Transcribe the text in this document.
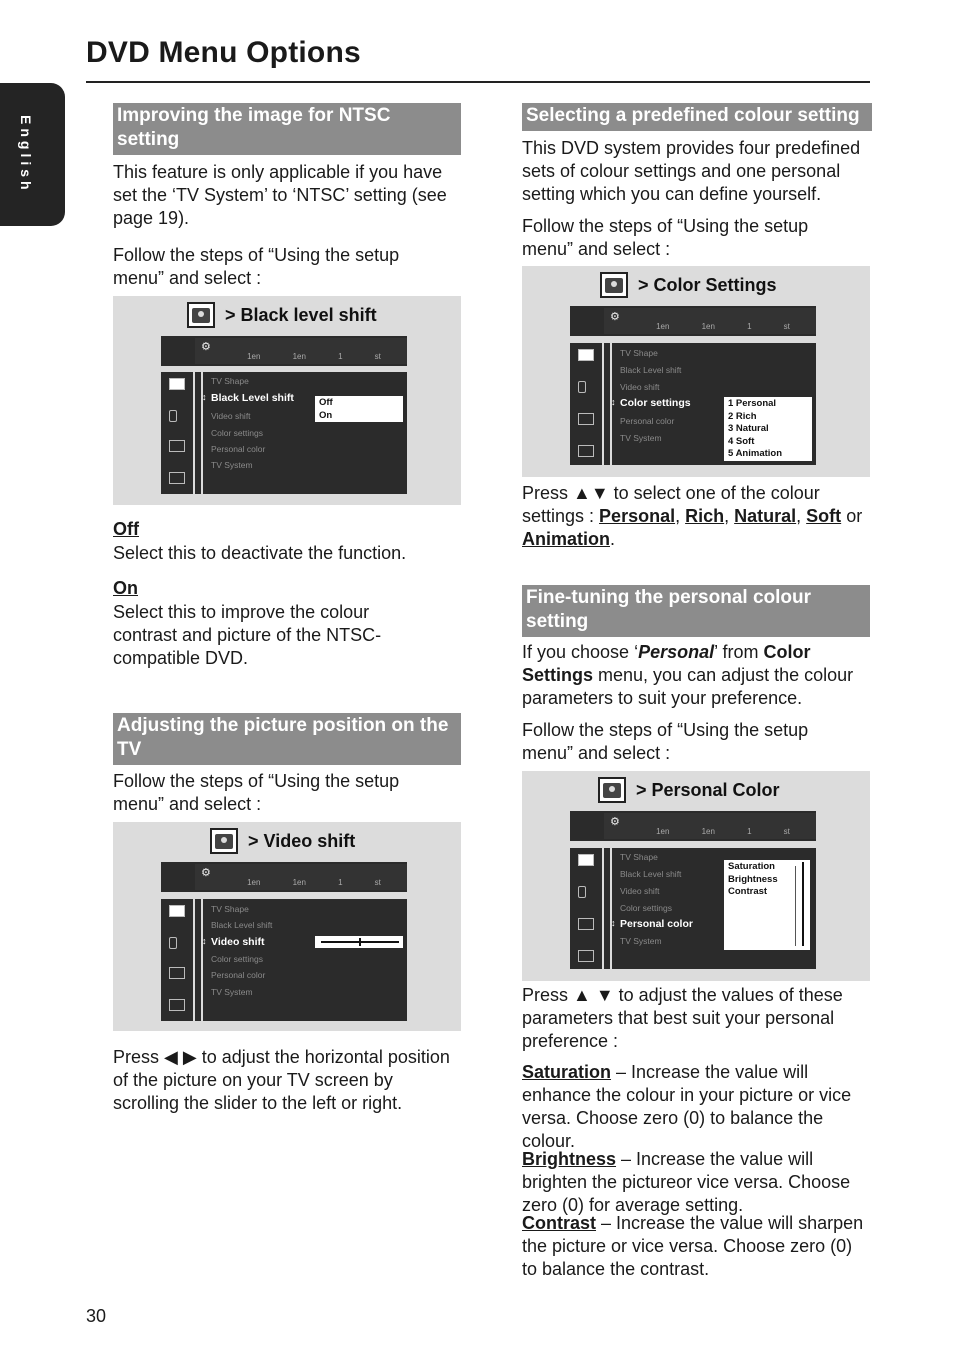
DVD Menu Options
English	Improving the image for NTSC setting
This feature is only applicable if you have set the ‘TV System’ to ‘NTSC’ setting (see page 19).
Follow the steps of “Using the setup menu” and select :
> Black level shift
⚙
1en	1en	1	st
TV Shape
↕ Black Level shift
Video shift
Color settings
Personal color
TV System
Off
On
Off
Select this to deactivate the function.
On
Select this to improve the colour contrast and picture of the NTSC-compatible DVD.
Adjusting the picture position on the TV
Follow the steps of “Using the setup menu” and select :
> Video shift
⚙
1en	1en	1	st
TV Shape
Black Level shift
↕ Video shift
Color settings
Personal color
TV System
Press ◀ ▶ to adjust the horizontal position of the picture on your TV screen by scrolling the slider to the left or right.
Selecting a predefined colour setting
This DVD system provides four predefined sets of colour settings and one personal setting which you can define yourself.
Follow the steps of “Using the setup menu” and select :
> Color Settings
⚙
1en	1en	1	st
TV Shape
Black Level shift
Video shift
↕ Color settings
Personal color
TV System
1 Personal
2 Rich
3 Natural
4 Soft
5 Animation
Press ▲▼ to select one of the colour settings : Personal, Rich, Natural, Soft or Animation.
Fine-tuning the personal colour setting
If you choose ‘Personal’ from Color Settings menu, you can adjust the colour parameters to suit your preference.
Follow the steps of “Using the setup menu” and select :
> Personal Color
⚙
1en	1en	1	st
TV Shape
Black Level shift
Video shift
Color settings
↕ Personal color
TV System
Saturation
Brightness
Contrast
Press ▲ ▼ to adjust the values of these parameters that best suit your personal preference :
Saturation – Increase the value will enhance the colour in your picture or vice versa. Choose zero (0) to balance the colour.
Brightness – Increase the value will brighten the pictureor vice versa. Choose zero (0) for average setting.
Contrast – Increase the value will sharpen the picture or vice versa. Choose zero (0) to balance the contrast.
30
